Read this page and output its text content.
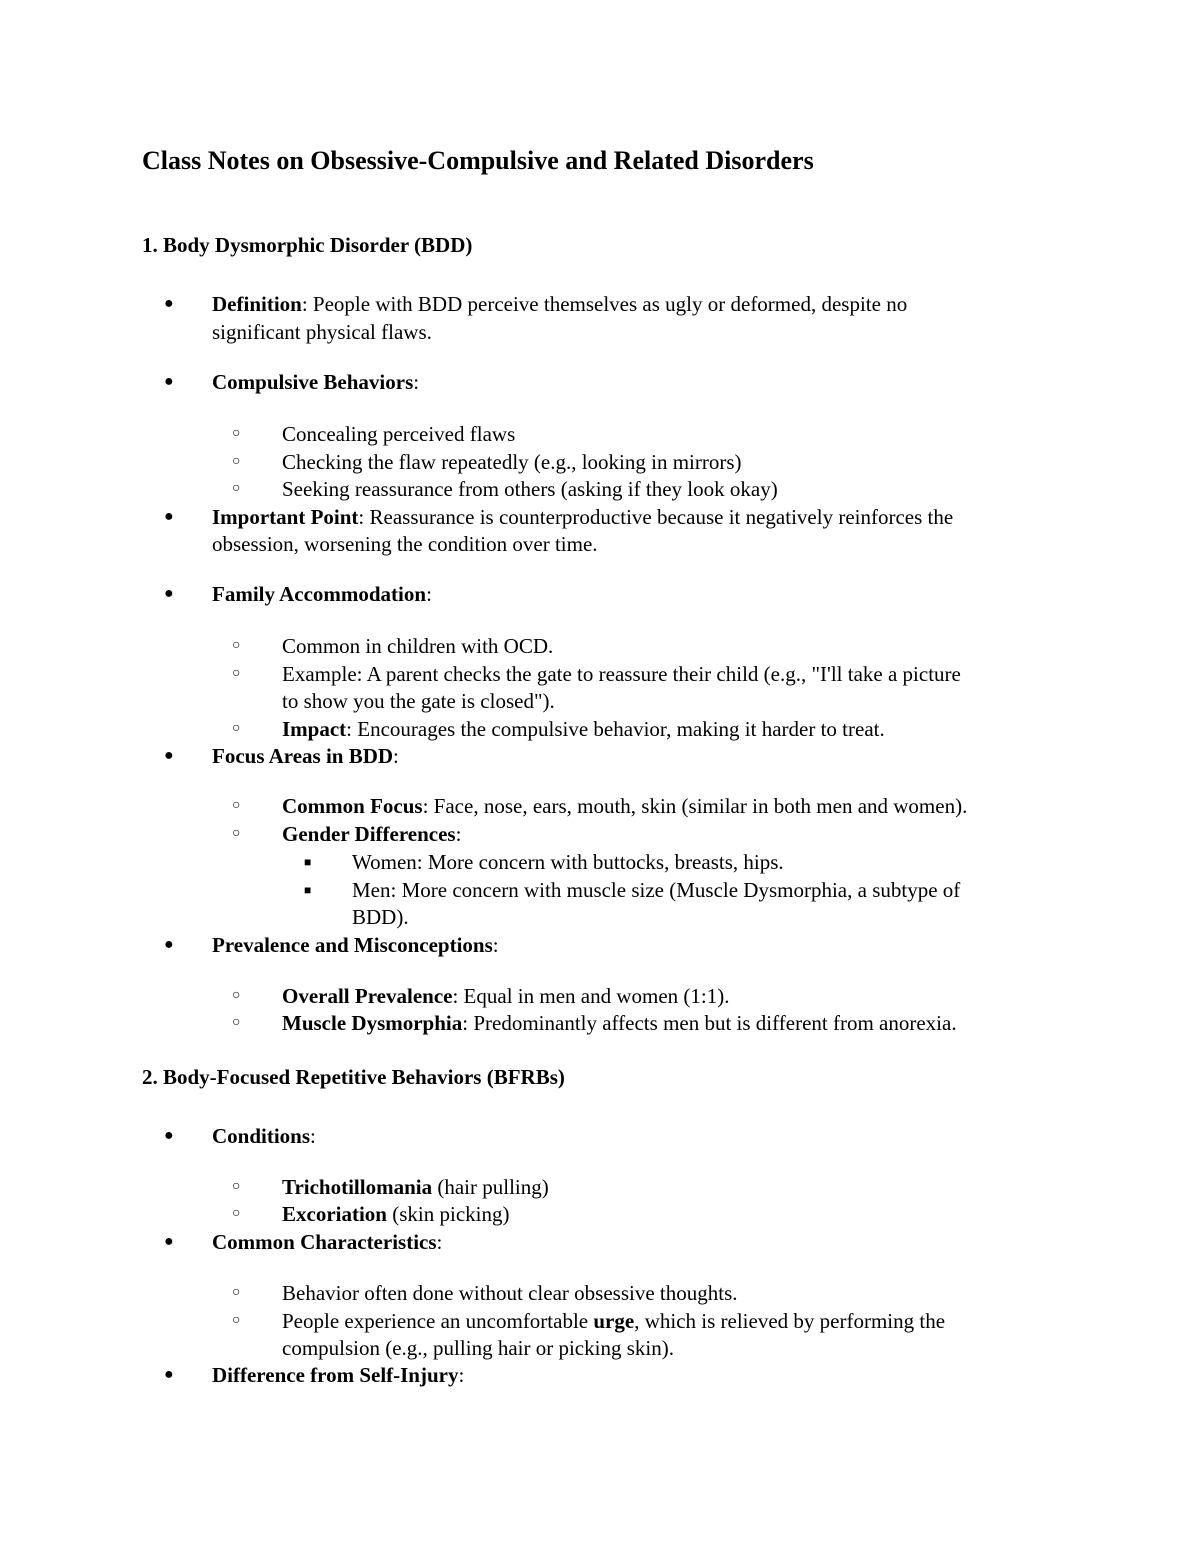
Class Notes on Obsessive-Compulsive and Related Disorders
1. Body Dysmorphic Disorder (BDD)
● Definition: People with BDD perceive themselves as ugly or deformed, despite no
significant physical flaws.
● Compulsive Behaviors:
○ Concealing perceived flaws
○ Checking the flaw repeatedly (e.g., looking in mirrors)
○ Seeking reassurance from others (asking if they look okay)
● Important Point: Reassurance is counterproductive because it negatively reinforces the
obsession, worsening the condition over time.
● Family Accommodation:
○ Common in children with OCD.
○ Example: A parent checks the gate to reassure their child (e.g., "I'll take a picture
to show you the gate is closed").
○ Impact: Encourages the compulsive behavior, making it harder to treat.
● Focus Areas in BDD:
○ Common Focus: Face, nose, ears, mouth, skin (similar in both men and women).
○ Gender Differences:
■ Women: More concern with buttocks, breasts, hips.
■ Men: More concern with muscle size (Muscle Dysmorphia, a subtype of
BDD).
● Prevalence and Misconceptions:
○ Overall Prevalence: Equal in men and women (1:1).
○ Muscle Dysmorphia: Predominantly affects men but is different from anorexia.
2. Body-Focused Repetitive Behaviors (BFRBs)
● Conditions:
○ Trichotillomania (hair pulling)
○ Excoriation (skin picking)
● Common Characteristics:
○ Behavior often done without clear obsessive thoughts.
○ People experience an uncomfortable urge, which is relieved by performing the
compulsion (e.g., pulling hair or picking skin).
● Difference from Self-Injury:
